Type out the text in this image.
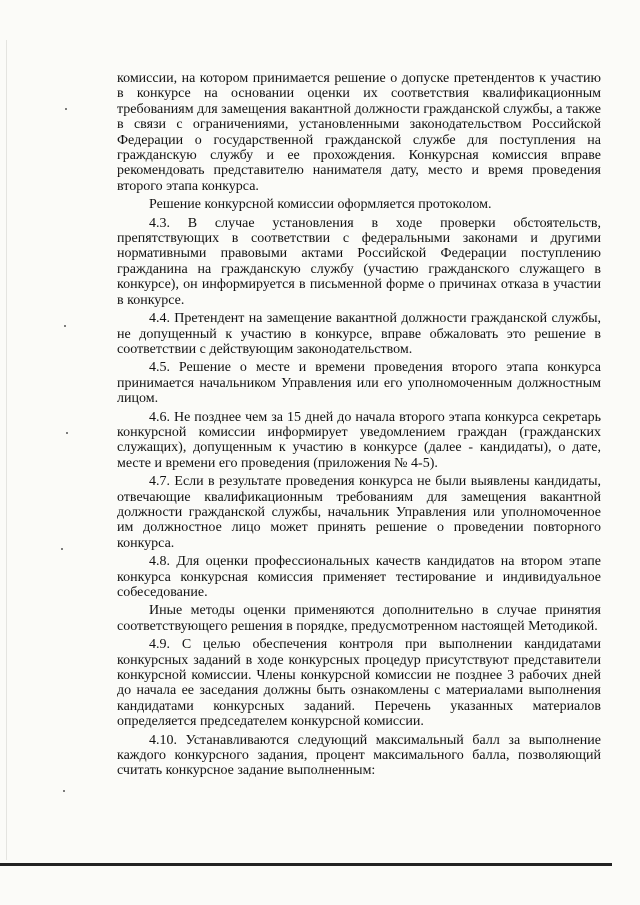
комиссии, на котором принимается решение о допуске претендентов к участию в конкурсе на основании оценки их соответствия квалификационным требованиям для замещения вакантной должности гражданской службы, а также в связи с ограничениями, установленными законодательством Российской Федерации о государственной гражданской службе для поступления на гражданскую службу и ее прохождения. Конкурсная комиссия вправе рекомендовать представителю нанимателя дату, место и время проведения второго этапа конкурса.

Решение конкурсной комиссии оформляется протоколом.

4.3. В случае установления в ходе проверки обстоятельств, препятствующих в соответствии с федеральными законами и другими нормативными правовыми актами Российской Федерации поступлению гражданина на гражданскую службу (участию гражданского служащего в конкурсе), он информируется в письменной форме о причинах отказа в участии в конкурсе.

4.4. Претендент на замещение вакантной должности гражданской службы, не допущенный к участию в конкурсе, вправе обжаловать это решение в соответствии с действующим законодательством.

4.5. Решение о месте и времени проведения второго этапа конкурса принимается начальником Управления или его уполномоченным должностным лицом.

4.6. Не позднее чем за 15 дней до начала второго этапа конкурса секретарь конкурсной комиссии информирует уведомлением граждан (гражданских служащих), допущенным к участию в конкурсе (далее - кандидаты), о дате, месте и времени его проведения (приложения № 4-5).

4.7. Если в результате проведения конкурса не были выявлены кандидаты, отвечающие квалификационным требованиям для замещения вакантной должности гражданской службы, начальник Управления или уполномоченное им должностное лицо может принять решение о проведении повторного конкурса.

4.8. Для оценки профессиональных качеств кандидатов на втором этапе конкурса конкурсная комиссия применяет тестирование и индивидуальное собеседование.

Иные методы оценки применяются дополнительно в случае принятия соответствующего решения в порядке, предусмотренном настоящей Методикой.

4.9. С целью обеспечения контроля при выполнении кандидатами конкурсных заданий в ходе конкурсных процедур присутствуют представители конкурсной комиссии. Члены конкурсной комиссии не позднее 3 рабочих дней до начала ее заседания должны быть ознакомлены с материалами выполнения кандидатами конкурсных заданий. Перечень указанных материалов определяется председателем конкурсной комиссии.

4.10. Устанавливаются следующий максимальный балл за выполнение каждого конкурсного задания, процент максимального балла, позволяющий считать конкурсное задание выполненным:
